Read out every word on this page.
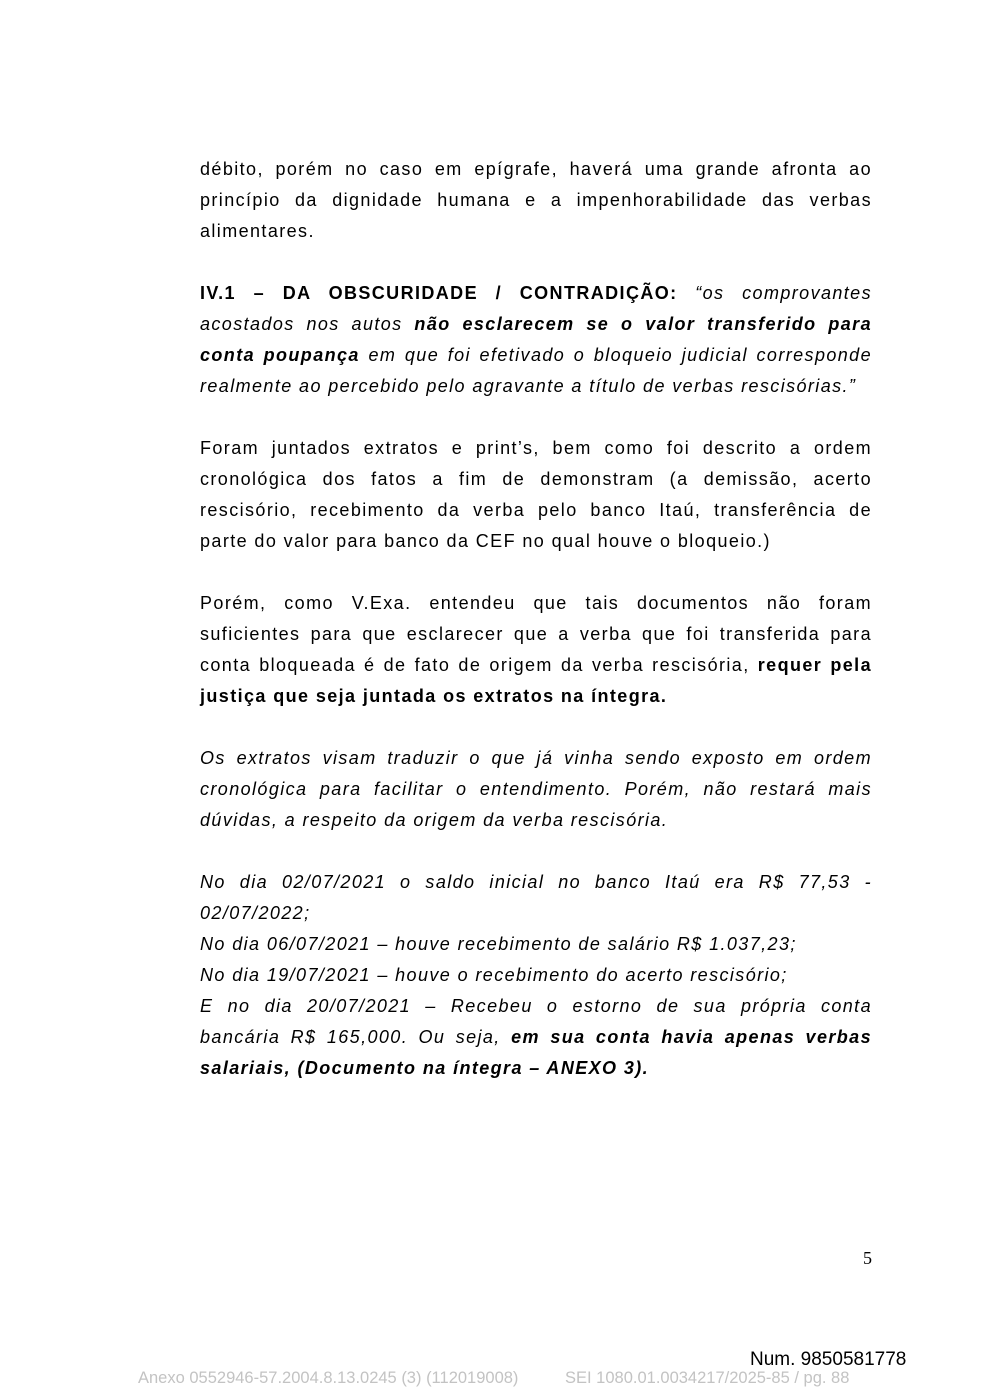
débito, porém no caso em epígrafe, haverá uma grande afronta ao
princípio da dignidade humana e a impenhorabilidade das verbas
alimentares.
IV.1 – DA OBSCURIDADE / CONTRADIÇÃO: “os comprovantes
acostados nos autos não esclarecem se o valor transferido para
conta poupança em que foi efetivado o bloqueio judicial corresponde
realmente ao percebido pelo agravante a título de verbas rescisórias.”
Foram juntados extratos e print’s, bem como foi descrito a ordem
cronológica dos fatos a fim de demonstram (a demissão, acerto
rescisório, recebimento da verba pelo banco Itaú, transferência de
parte do valor para banco da CEF no qual houve o bloqueio.)
Porém, como V.Exa. entendeu que tais documentos não foram
suficientes para que esclarecer que a verba que foi transferida para
conta bloqueada é de fato de origem da verba rescisória, requer pela
justiça que seja juntada os extratos na íntegra.
Os extratos visam traduzir o que já vinha sendo exposto em ordem
cronológica para facilitar o entendimento. Porém, não restará mais
dúvidas, a respeito da origem da verba rescisória.
No dia 02/07/2021 o saldo inicial no banco Itaú era R$ 77,53 -
02/07/2022;
No dia 06/07/2021 – houve recebimento de salário R$ 1.037,23;
No dia 19/07/2021 – houve o recebimento do acerto rescisório;
E no dia 20/07/2021 – Recebeu o estorno de sua própria conta
bancária R$ 165,000. Ou seja, em sua conta havia apenas verbas
salariais, (Documento na íntegra – ANEXO 3).
5
Num. 9850581778
Anexo 0552946-57.2004.8.13.0245 (3) (112019008)	SEI 1080.01.0034217/2025-85 / pg. 88
